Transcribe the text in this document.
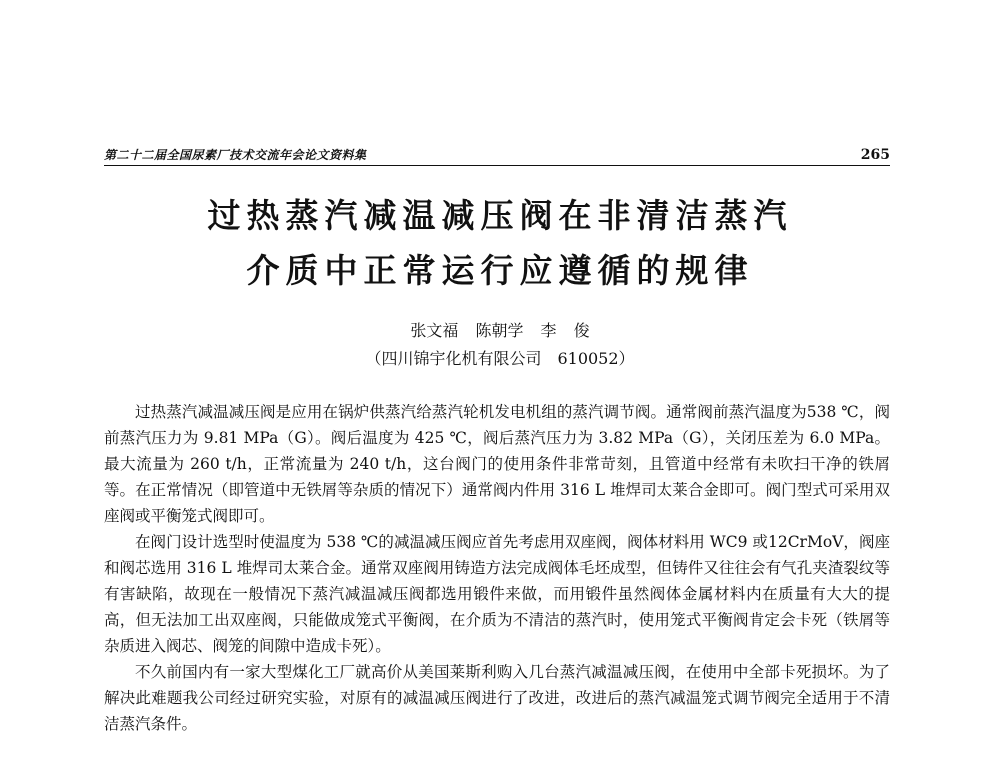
第二十二届全国尿素厂技术交流年会论文资料集	265
过热蒸汽减温减压阀在非清洁蒸汽
介质中正常运行应遵循的规律
张文福 陈朝学 李 俊
（四川锦宇化机有限公司　610052）

过热蒸汽减温减压阀是应用在锅炉供蒸汽给蒸汽轮机发电机组的蒸汽调节阀。通常阀前蒸汽温度为538 ℃，阀前蒸汽压力为 9.81 MPa（G）。阀后温度为 425 ℃，阀后蒸汽压力为 3.82 MPa（G），关闭压差为 6.0 MPa。最大流量为 260 t/h，正常流量为 240 t/h，这台阀门的使用条件非常苛刻，且管道中经常有未吹扫干净的铁屑等。在正常情况（即管道中无铁屑等杂质的情况下）通常阀内件用 316 L 堆焊司太莱合金即可。阀门型式可采用双座阀或平衡笼式阀即可。

在阀门设计选型时使温度为 538 ℃的减温减压阀应首先考虑用双座阀，阀体材料用 WC9 或12CrMoV，阀座和阀芯选用 316 L 堆焊司太莱合金。通常双座阀用铸造方法完成阀体毛坯成型，但铸件又往往会有气孔夹渣裂纹等有害缺陷，故现在一般情况下蒸汽减温减压阀都选用锻件来做，而用锻件虽然阀体金属材料内在质量有大大的提高，但无法加工出双座阀，只能做成笼式平衡阀，在介质为不清洁的蒸汽时，使用笼式平衡阀肯定会卡死（铁屑等杂质进入阀芯、阀笼的间隙中造成卡死）。

不久前国内有一家大型煤化工厂就高价从美国莱斯利购入几台蒸汽减温减压阀，在使用中全部卡死损坏。为了解决此难题我公司经过研究实验，对原有的减温减压阀进行了改进，改进后的蒸汽减温笼式调节阀完全适用于不清洁蒸汽条件。
